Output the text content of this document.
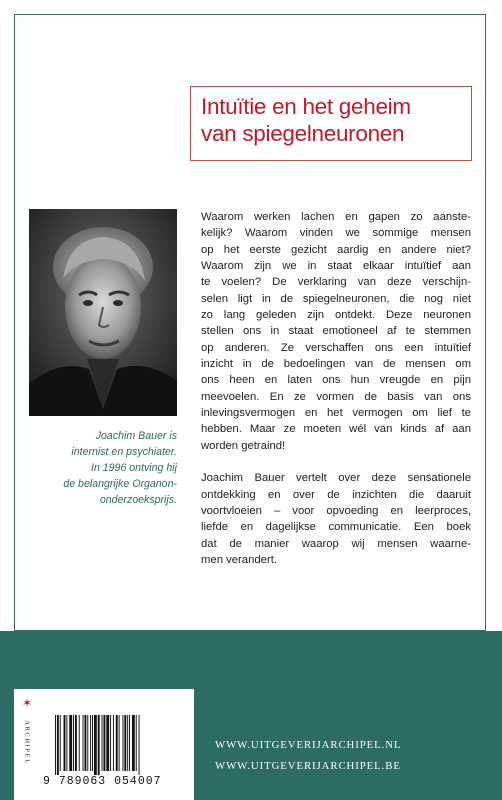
Intuïtie en het geheim
van spiegelneuronen
Joachim Bauer is
internist en psychiater.
In 1996 ontving hij
de belangrijke Organon-
onderzoeksprijs.
Waarom werken lachen en gapen zo aanste-
kelijk? Waarom vinden we sommige mensen
op het eerste gezicht aardig en andere niet?
Waarom zijn we in staat elkaar intuïtief aan
te voelen? De verklaring van deze verschijn-
selen ligt in de spiegelneuronen, die nog niet
zo lang geleden zijn ontdekt. Deze neuronen
stellen ons in staat emotioneel af te stemmen
op anderen. Ze verschaffen ons een intuïtief
inzicht in de bedoelingen van de mensen om
ons heen en laten ons hun vreugde en pijn
meevoelen. En ze vormen de basis van ons
inlevingsvermogen en het vermogen om lief te
hebben. Maar ze moeten wél van kinds af aan
worden getraind!
Joachim Bauer vertelt over deze sensationele
ontdekking en over de inzichten die daaruit
voortvloeien – voor opvoeding en leerproces,
liefde en dagelijkse communicatie. Een boek
dat de manier waarop wij mensen waarne-
men verandert.
✶
ARCHIPEL
9 789063 054007
WWW.UITGEVERIJARCHIPEL.NL
WWW.UITGEVERIJARCHIPEL.BE
